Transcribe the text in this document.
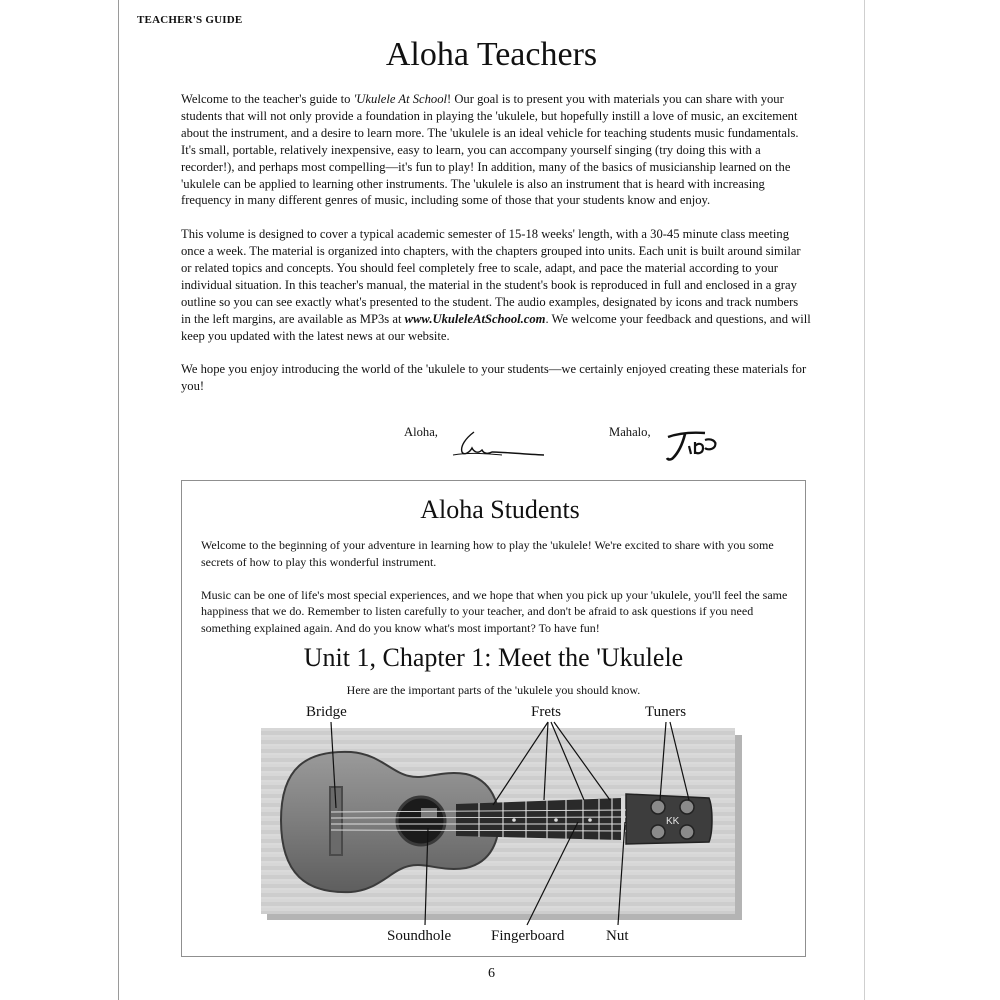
TEACHER'S GUIDE
Aloha Teachers

Welcome to the teacher's guide to 'Ukulele At School! Our goal is to present you with materials you can share with your students that will not only provide a foundation in playing the 'ukulele, but hopefully instill a love of music, an excitement about the instrument, and a desire to learn more. The 'ukulele is an ideal vehicle for teaching students music fundamentals. It's small, portable, relatively inexpensive, easy to learn, you can accompany yourself singing (try doing this with a recorder!), and perhaps most compelling—it's fun to play! In addition, many of the basics of musicianship learned on the 'ukulele can be applied to learning other instruments. The 'ukulele is also an instrument that is heard with increasing frequency in many different genres of music, including some of those that your students know and enjoy.

This volume is designed to cover a typical academic semester of 15-18 weeks' length, with a 30-45 minute class meeting once a week. The material is organized into chapters, with the chapters grouped into units. Each unit is built around similar or related topics and concepts. You should feel completely free to scale, adapt, and pace the material according to your individual situation. In this teacher's manual, the material in the student's book is reproduced in full and enclosed in a gray outline so you can see exactly what's presented to the student. The audio examples, designated by icons and track numbers in the left margins, are available as MP3s at www.UkuleleAtSchool.com. We welcome your feedback and questions, and will keep you updated with the latest news at our website.

We hope you enjoy introducing the world of the 'ukulele to your students—we certainly enjoyed creating these materials for you!

Aloha,	Mahalo,
Aloha Students

Welcome to the beginning of your adventure in learning how to play the 'ukulele! We're excited to share with you some secrets of how to play this wonderful instrument.

Music can be one of life's most special experiences, and we hope that when you pick up your 'ukulele, you'll feel the same happiness that we do. Remember to listen carefully to your teacher, and don't be afraid to ask questions if you need something explained again. And do you know what's most important? To have fun!

Unit 1, Chapter 1: Meet the 'Ukulele
Here are the important parts of the 'ukulele you should know.
Bridge	Frets	Tuners
Soundhole	Fingerboard	Nut
KK
6
